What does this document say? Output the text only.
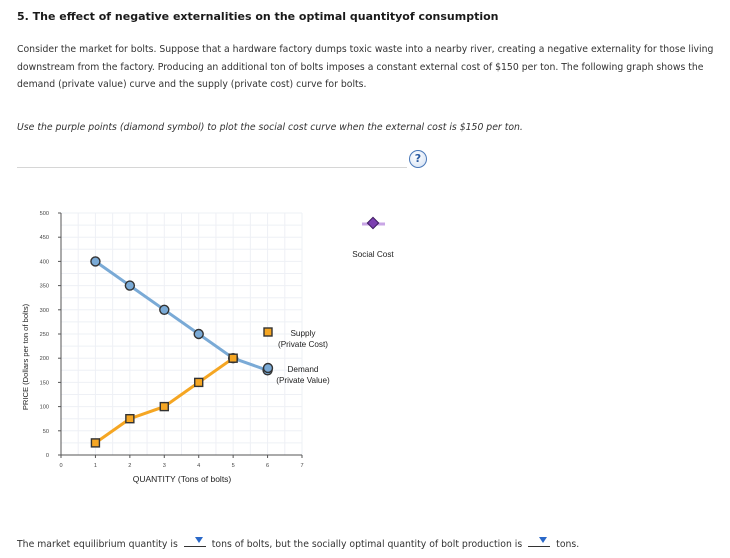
5. The effect of negative externalities on the optimal quantityof consumption
Consider the market for bolts. Suppose that a hardware factory dumps toxic waste into a nearby river, creating a negative externality for those living downstream from the factory. Producing an additional ton of bolts imposes a constant external cost of $150 per ton. The following graph shows the demand (private value) curve and the supply (private cost) curve for bolts.
Use the purple points (diamond symbol) to plot the social cost curve when the external cost is $150 per ton.
?
0
50
100
150
200
250
300
350
400
450
500
0	1	2	3	4	5	6	7
QUANTITY (Tons of bolts)
PRICE (Dollars per ton of bolts)
Social Cost
Supply
(Private Cost)
Demand
(Private Value)
The market equilibrium quantity is	tons of bolts, but the socially optimal quantity of bolt production is	tons.
